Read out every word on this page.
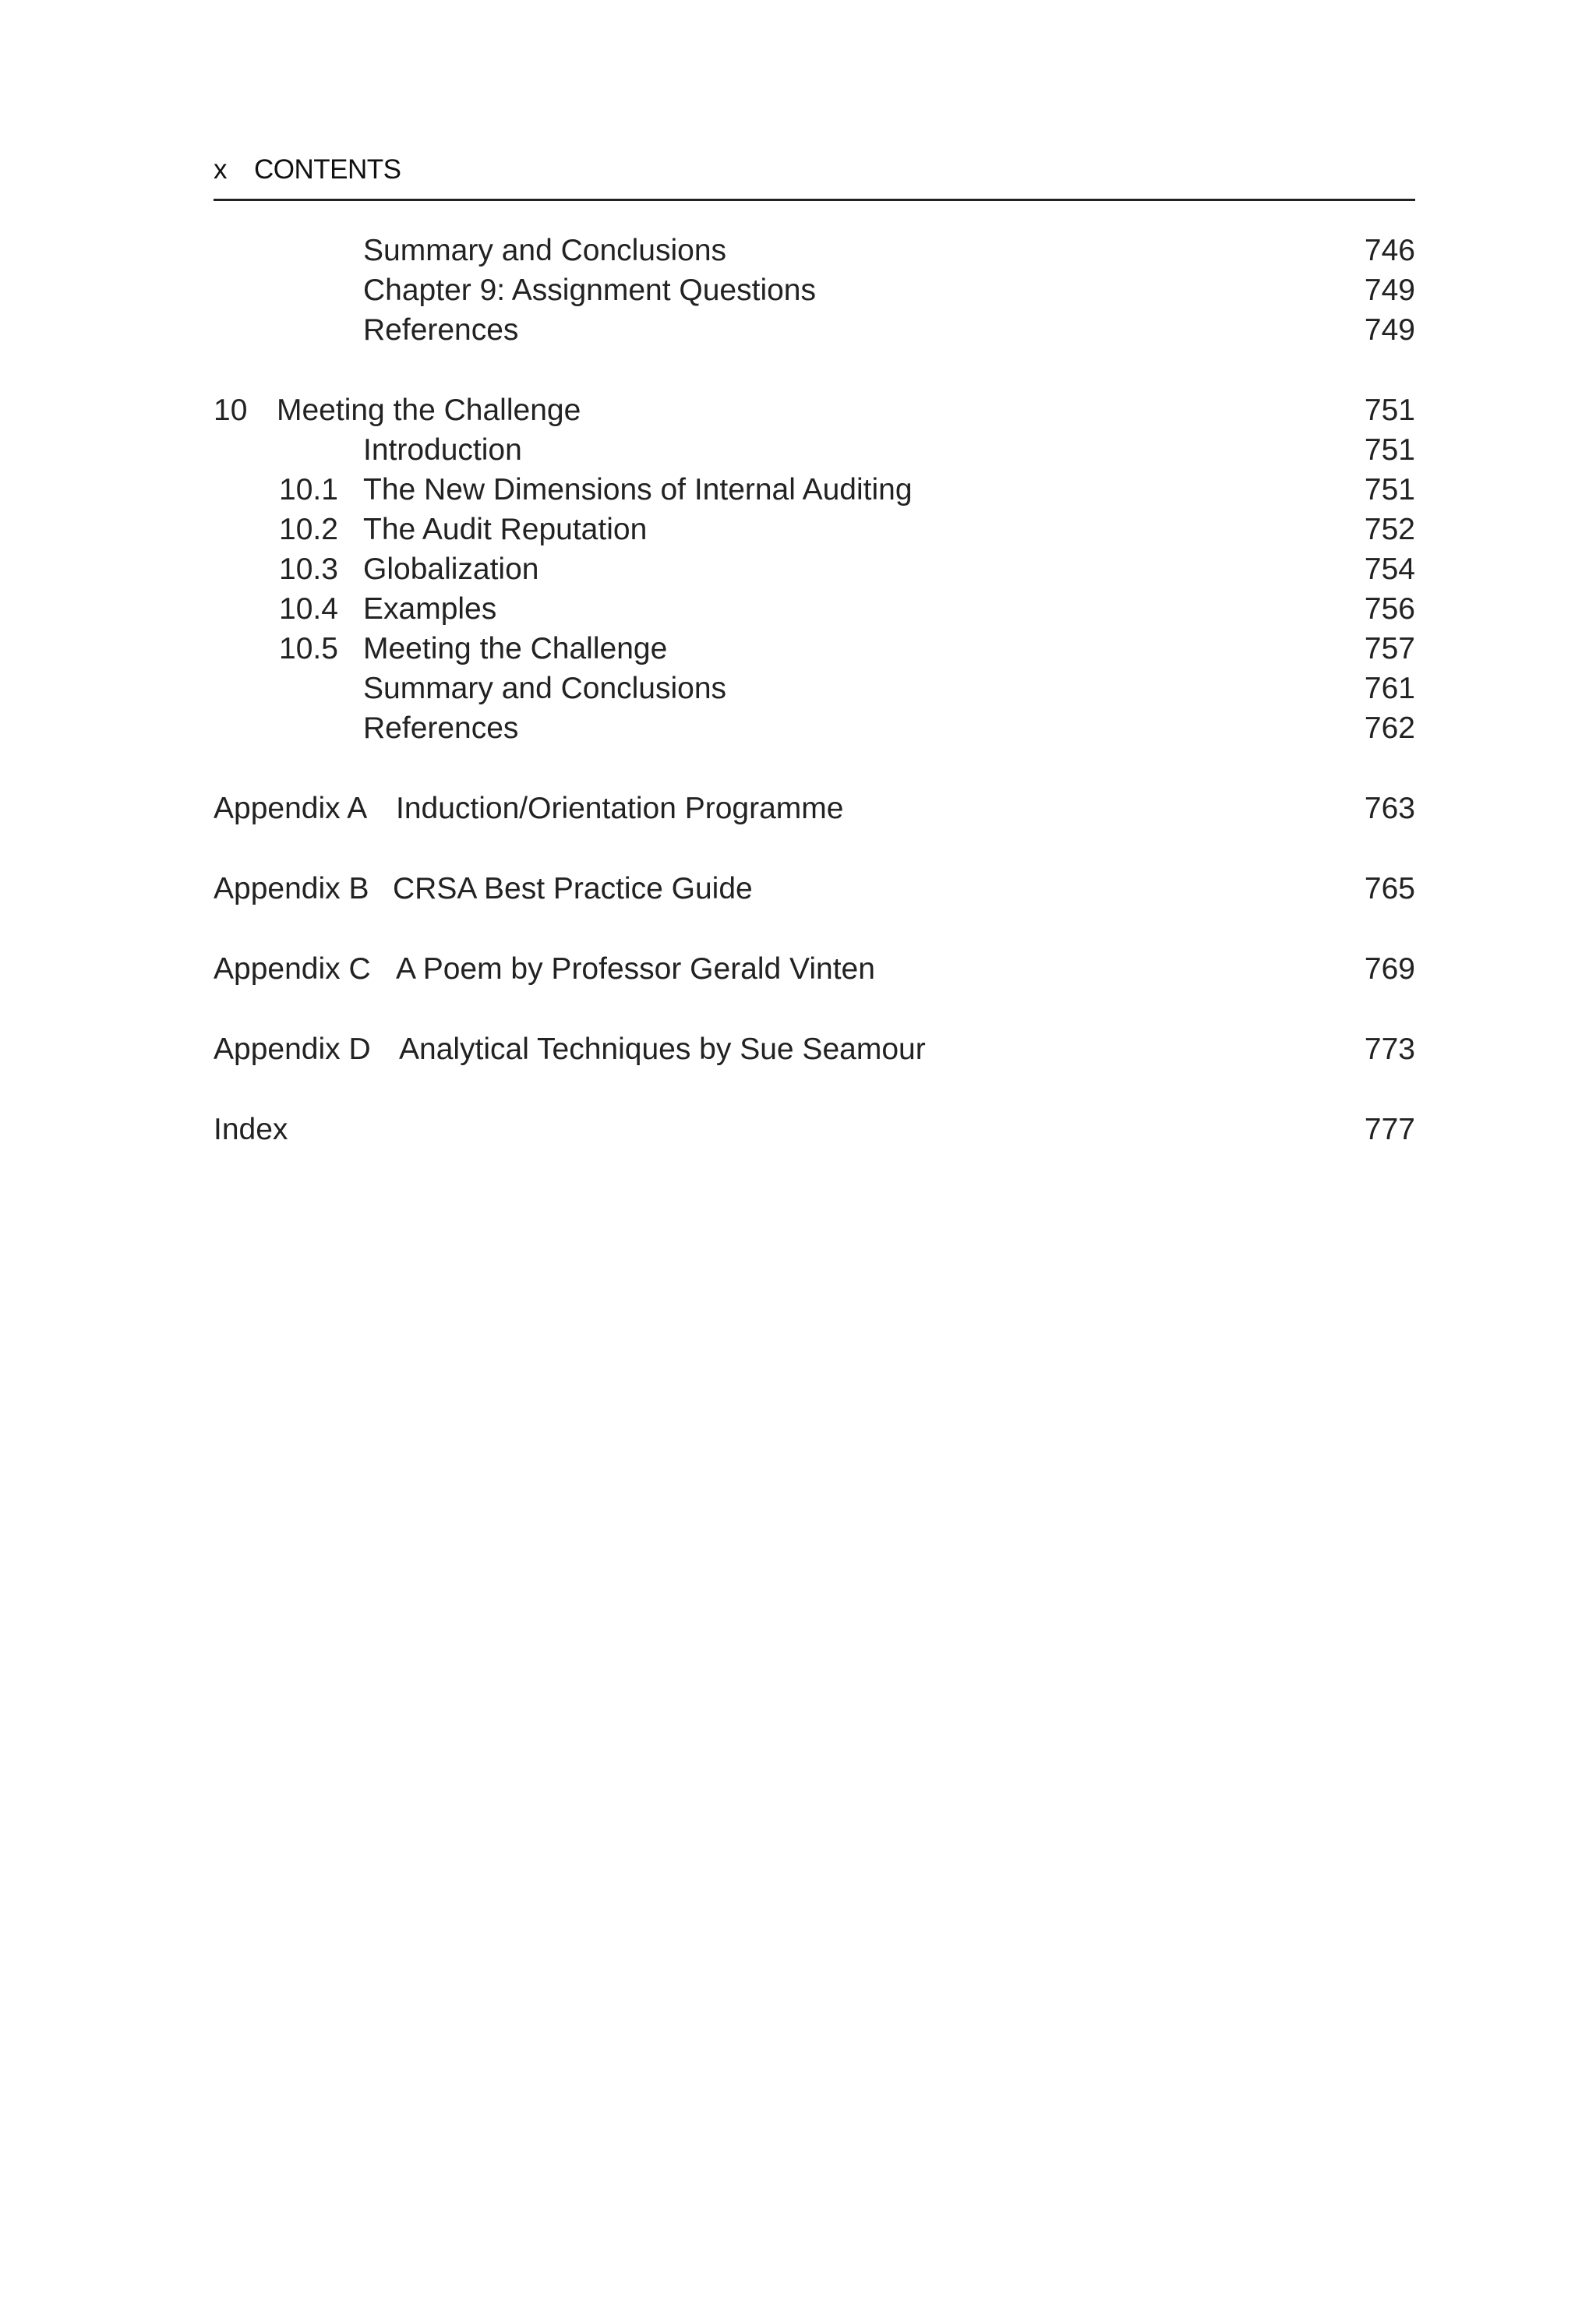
x CONTENTS
Summary and Conclusions	746
Chapter 9: Assignment Questions	749
References	749
10 Meeting the Challenge	751
Introduction	751
10.1 The New Dimensions of Internal Auditing	751
10.2 The Audit Reputation	752
10.3 Globalization	754
10.4 Examples	756
10.5 Meeting the Challenge	757
Summary and Conclusions	761
References	762
Appendix A Induction/Orientation Programme	763
Appendix B CRSA Best Practice Guide	765
Appendix C A Poem by Professor Gerald Vinten	769
Appendix D Analytical Techniques by Sue Seamour	773
Index	777
